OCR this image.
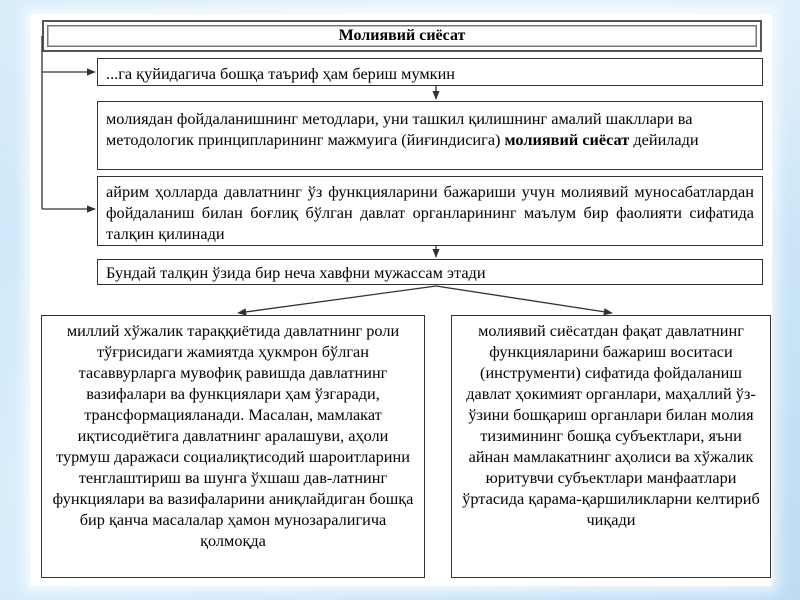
Молиявий сиёсат
...га қуйидагича бошқа таъриф ҳам бериш мумкин
молиядан фойдаланишнинг методлари, уни ташкил қилишнинг амалий шакллари ва методологик принципларининг мажмуига (йиғиндисига) молиявий сиёсат дейилади
айрим ҳолларда давлатнинг ўз функцияларини бажариши учун молиявий муносабатлардан фойдаланиш билан боғлиқ бўлган давлат органларининг маълум бир фаолияти сифатида талқин қилинади
Бундай талқин ўзида бир неча хавфни мужассам этади
миллий хўжалик тараққиётида давлатнинг роли тўғрисидаги жамиятда ҳукмрон бўлган тасаввурларга мувофиқ равишда давлатнинг вазифалари ва функциялари ҳам ўзгаради, трансформацияланади. Масалан, мамлакат иқтисодиётига давлатнинг аралашуви, аҳоли турмуш даражаси социалиқтисодий шароитларини тенглаштириш ва шунга ўхшаш дав-латнинг функциялари ва вазифаларини аниқлайдиган бошқа бир қанча масалалар ҳамон мунозаралигича қолмоқда
молиявий сиёсатдан фақат давлатнинг функцияларини бажариш воситаси (инструменти) сифатида фойдаланиш давлат ҳокимият органлари, маҳаллий ўз-ўзини бошқариш органлари билан молия тизимининг бошқа субъектлари, яъни айнан мамлакатнинг аҳолиси ва хўжалик юритувчи субъектлари манфаатлари ўртасида қарама-қаршиликларни келтириб чиқади
